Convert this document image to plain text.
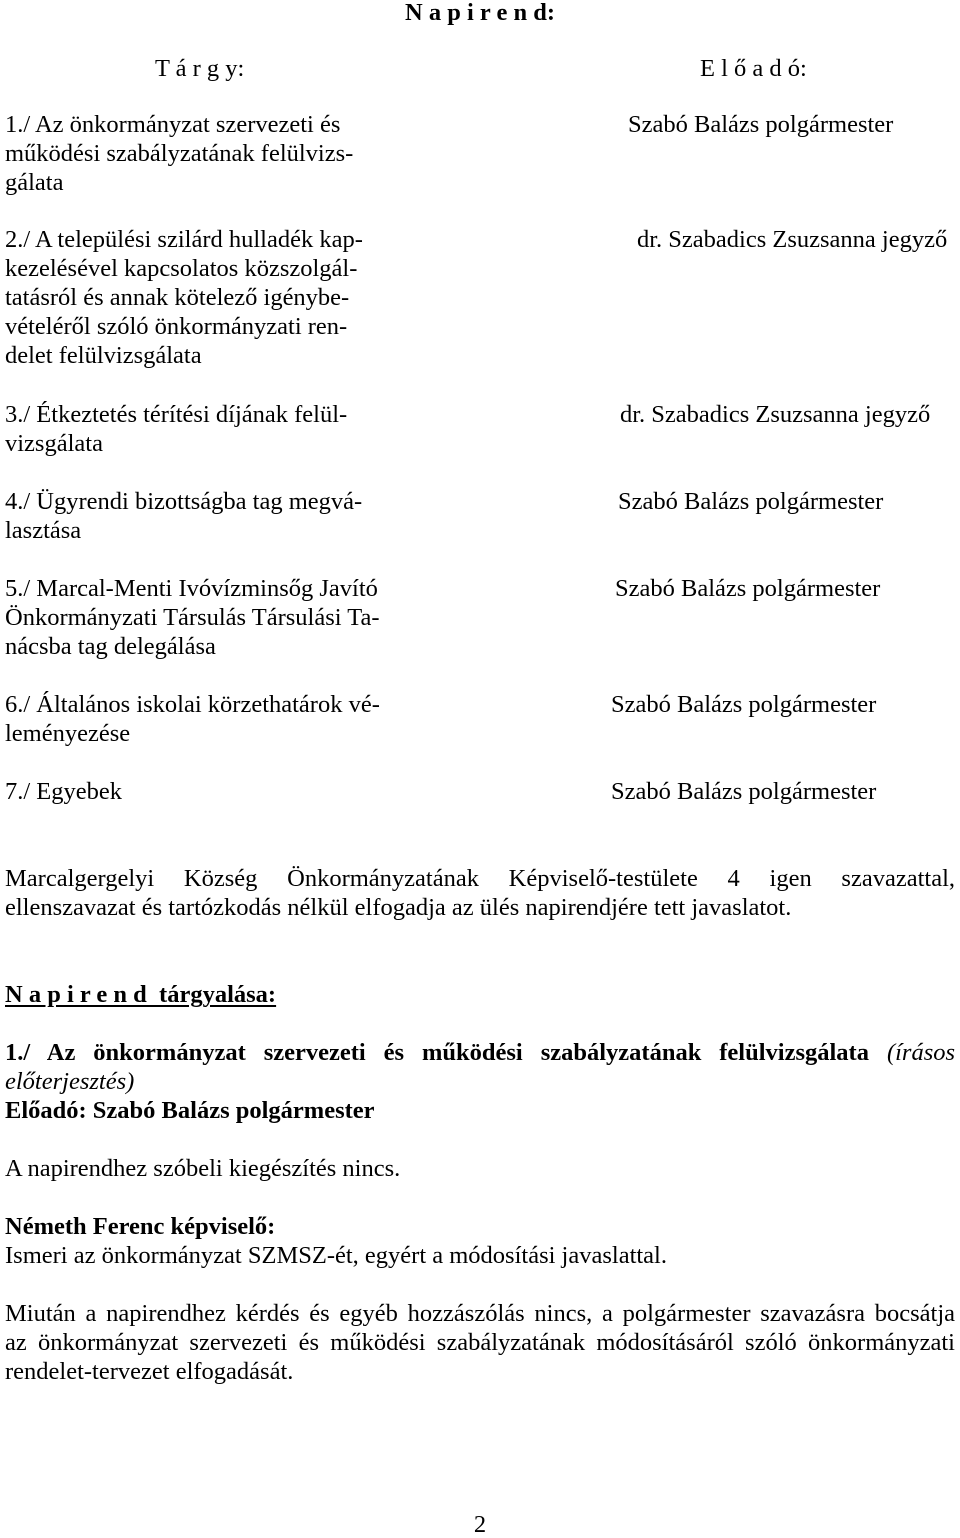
N a p i r e n d:
T á r g y:	E l ő a d ó:
1./ Az önkormányzat szervezeti és
működési szabályzatának felülvizs-
gálata
Szabó Balázs polgármester
2./ A települési szilárd hulladék kap-
kezelésével kapcsolatos közszolgál-
tatásról és annak kötelező igénybe-
vételéről szóló önkormányzati ren-
delet felülvizsgálata
dr. Szabadics Zsuzsanna jegyző
3./ Étkeztetés térítési díjának felül-
vizsgálata
dr. Szabadics Zsuzsanna jegyző
4./ Ügyrendi bizottságba tag megvá-
lasztása
Szabó Balázs polgármester
5./ Marcal-Menti Ivóvízminsőg Javító
Önkormányzati Társulás Társulási Ta-
nácsba tag delegálása
Szabó Balázs polgármester
6./ Általános iskolai körzethatárok vé-
leményezése
Szabó Balázs polgármester
7./ Egyebek	Szabó Balázs polgármester
Marcalgergelyi Község Önkormányzatának Képviselő-testülete 4 igen szavazattal,
ellenszavazat és tartózkodás nélkül elfogadja az ülés napirendjére tett javaslatot.
N a p i r e n d  tárgyalása:
1./ Az önkormányzat szervezeti és működési szabályzatának felülvizsgálata (írásos
előterjesztés)
Előadó: Szabó Balázs polgármester
A napirendhez szóbeli kiegészítés nincs.
Németh Ferenc képviselő:
Ismeri az önkormányzat SZMSZ-ét, egyért a módosítási javaslattal.
Miután a napirendhez kérdés és egyéb hozzászólás nincs, a polgármester szavazásra bocsátja
az önkormányzat szervezeti és működési szabályzatának módosításáról szóló önkormányzati
rendelet-tervezet elfogadását.
2
